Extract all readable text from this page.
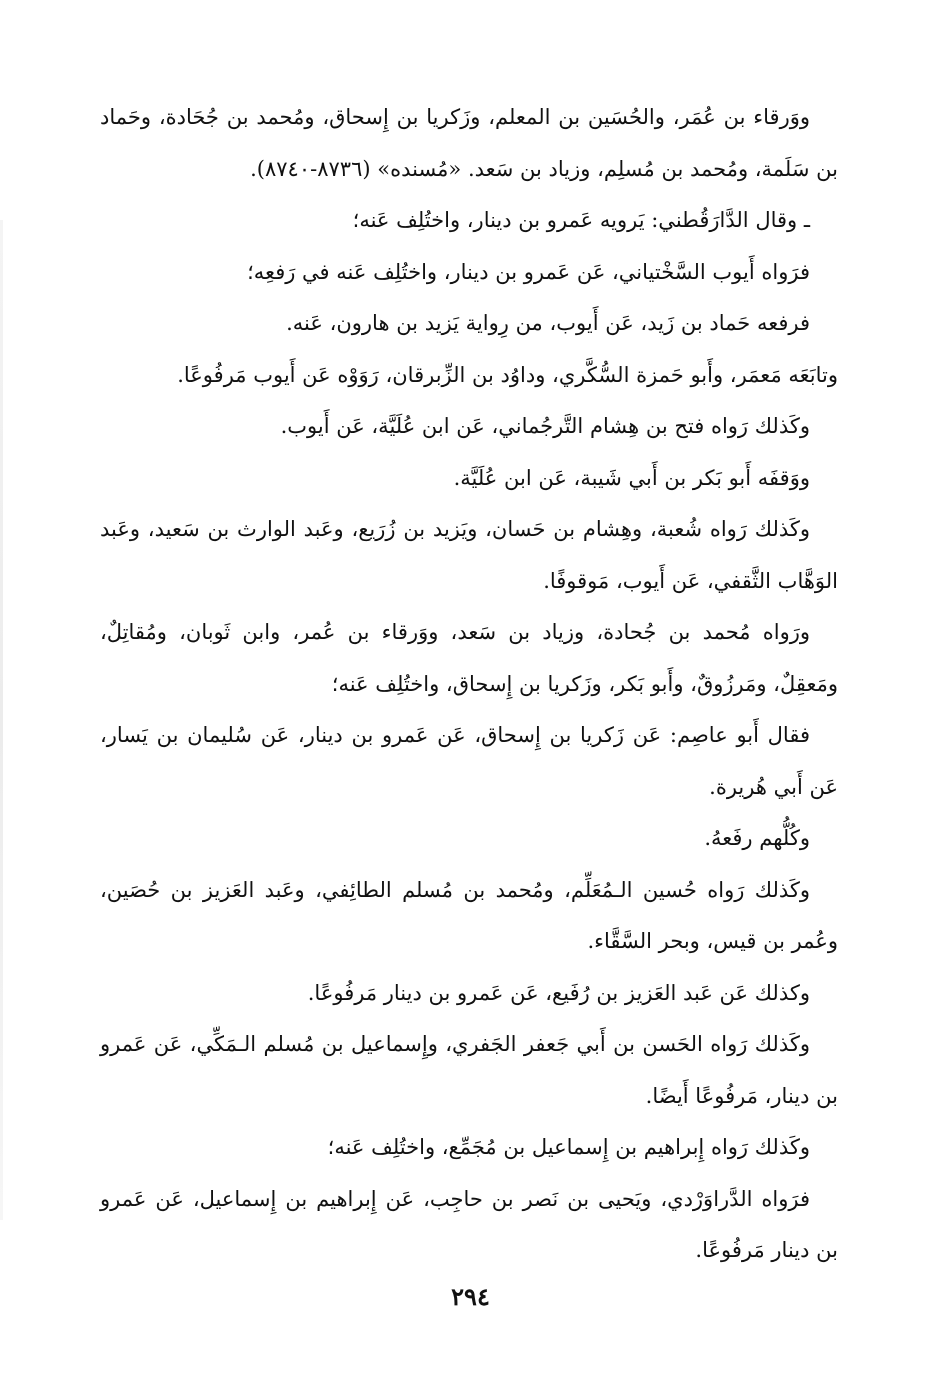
ووَرقاء بن عُمَر، والحُسَين بن المعلم، وزَكريا بن إِسحاق، ومُحمد بن جُحَادة، وحَماد بن سَلَمة، ومُحمد بن مُسلِم، وزياد بن سَعد. «مُسنده» (٨٧٣٦-٨٧٤٠).

ـ وقال الدَّارَقُطني: يَرويه عَمرو بن دينار، واختُلِف عَنه؛

فرَواه أَيوب السَّخْتياني، عَن عَمرو بن دينار، واختُلِف عَنه في رَفعِه؛

فرفعه حَماد بن زَيد، عَن أَيوب، من رِواية يَزيد بن هارون، عَنه.

وتابَعَه مَعمَر، وأَبو حَمزة السُّكَّري، وداوُد بن الزِّبرقان، رَوَوْه عَن أَيوب مَرفُوعًا.

وكَذلك رَواه فتح بن هِشام التَّرجُماني، عَن ابن عُلَيَّة، عَن أَيوب.

ووَقفَه أَبو بَكر بن أَبي شَيبة، عَن ابن عُلَيَّة.

وكَذلك رَواه شُعبة، وهِشام بن حَسان، ويَزيد بن زُرَيع، وعَبد الوارث بن سَعيد، وعَبد الوَهَّاب الثَّقفي، عَن أَيوب، مَوقوفًا.

ورَواه مُحمد بن جُحادة، وزياد بن سَعد، ووَرقاء بن عُمر، وابن ثَوبان، ومُقاتِلٌ، ومَعقِلٌ، ومَرزُوقٌ، وأَبو بَكر، وزَكريا بن إِسحاق، واختُلِف عَنه؛

فقال أَبو عاصِم: عَن زَكريا بن إِسحاق، عَن عَمرو بن دينار، عَن سُليمان بن يَسار، عَن أَبي هُريرة.

وكُلُّهم رفَعهُ.

وكَذلك رَواه حُسين الـمُعَلِّم، ومُحمد بن مُسلم الطائِفي، وعَبد العَزيز بن حُصَين، وعُمر بن قيس، وبحر السَّقَّاء.

وكذلك عَن عَبد العَزيز بن رُفَيع، عَن عَمرو بن دينار مَرفُوعًا.

وكَذلك رَواه الحَسن بن أَبي جَعفر الجَفري، وإِسماعيل بن مُسلم الـمَكِّي، عَن عَمرو بن دينار، مَرفُوعًا أَيضًا.

وكَذلك رَواه إِبراهيم بن إِسماعيل بن مُجَمِّع، واختُلِف عَنه؛

فرَواه الدَّراوَرْدي، ويَحيى بن نَصر بن حاجِب، عَن إِبراهيم بن إِسماعيل، عَن عَمرو بن دينار مَرفُوعًا.

٢٩٤
